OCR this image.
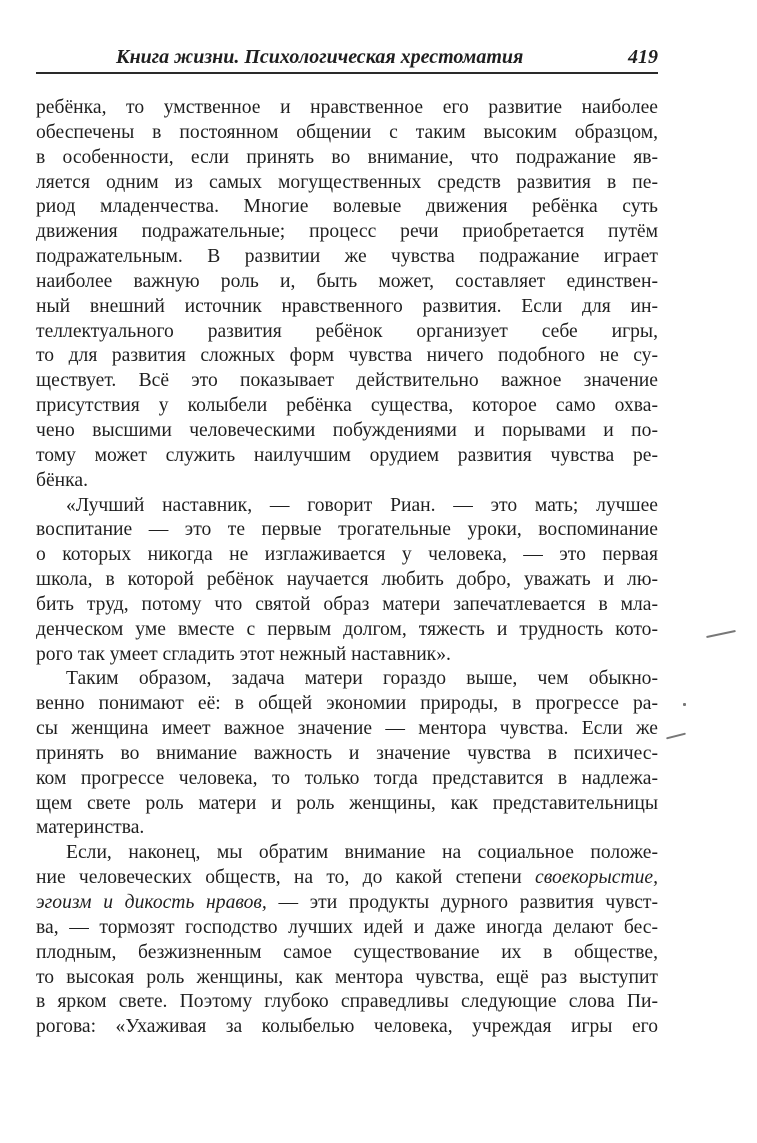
Книга жизни. Психологическая хрестоматия	419
ребёнка, то умственное и нравственное его развитие наиболее
обеспечены в постоянном общении с таким высоким образцом,
в особенности, если принять во внимание, что подражание яв-
ляется одним из самых могущественных средств развития в пе-
риод младенчества. Многие волевые движения ребёнка суть
движения подражательные; процесс речи приобретается путём
подражательным. В развитии же чувства подражание играет
наиболее важную роль и, быть может, составляет единствен-
ный внешний источник нравственного развития. Если для ин-
теллектуального развития ребёнок организует себе игры,
то для развития сложных форм чувства ничего подобного не су-
ществует. Всё это показывает действительно важное значение
присутствия у колыбели ребёнка существа, которое само охва-
чено высшими человеческими побуждениями и порывами и по-
тому может служить наилучшим орудием развития чувства ре-
бёнка.
«Лучший наставник, — говорит Риан. — это мать; лучшее
воспитание — это те первые трогательные уроки, воспоминание
о которых никогда не изглаживается у человека, — это первая
школа, в которой ребёнок научается любить добро, уважать и лю-
бить труд, потому что святой образ матери запечатлевается в мла-
денческом уме вместе с первым долгом, тяжесть и трудность кото-
рого так умеет сгладить этот нежный наставник».
Таким образом, задача матери гораздо выше, чем обыкно-
венно понимают её: в общей экономии природы, в прогрессе ра-
сы женщина имеет важное значение — ментора чувства. Если же
принять во внимание важность и значение чувства в психичес-
ком прогрессе человека, то только тогда представится в надлежа-
щем свете роль матери и роль женщины, как представительницы
материнства.
Если, наконец, мы обратим внимание на социальное положе-
ние человеческих обществ, на то, до какой степени своекорыстие,
эгоизм и дикость нравов, — эти продукты дурного развития чувст-
ва, — тормозят господство лучших идей и даже иногда делают бес-
плодным, безжизненным самое существование их в обществе,
то высокая роль женщины, как ментора чувства, ещё раз выступит
в ярком свете. Поэтому глубоко справедливы следующие слова Пи-
рогова: «Ухаживая за колыбелью человека, учреждая игры его
